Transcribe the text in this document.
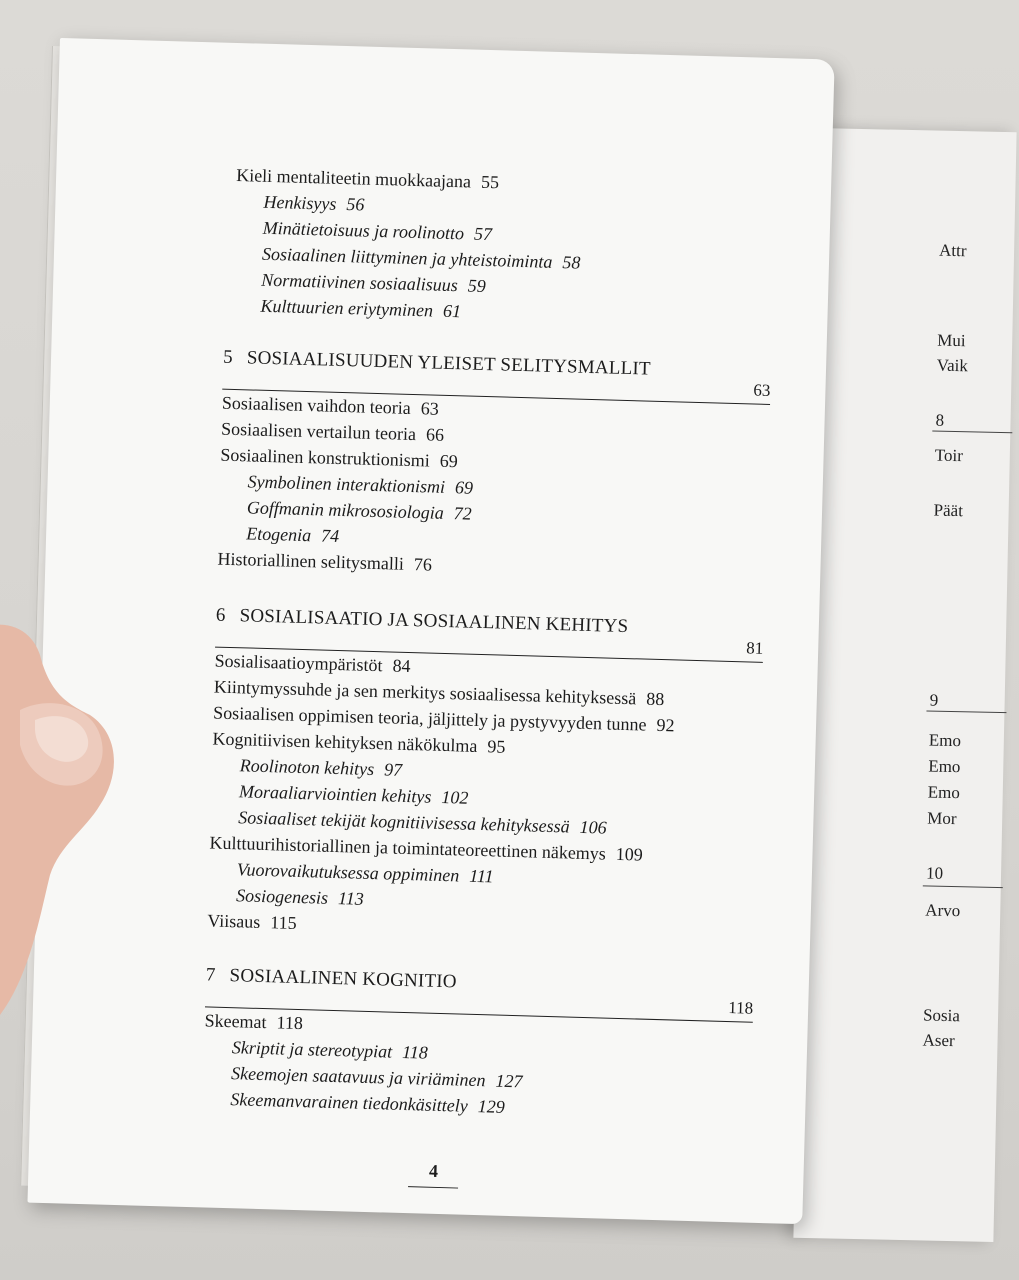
Attr
Mui
Vaik
8
Toir
Päät
9
Emo
Emo
Emo
Mor
10
Arvo
Sosia
Aser
Kieli mentaliteetin muokkaajana 55
Henkisyys 56
Minätietoisuus ja roolinotto 57
Sosiaalinen liittyminen ja yhteistoiminta 58
Normatiivinen sosiaalisuus 59
Kulttuurien eriytyminen 61
5 SOSIAALISUUDEN YLEISET SELITYSMALLIT
63
Sosiaalisen vaihdon teoria 63
Sosiaalisen vertailun teoria 66
Sosiaalinen konstruktionismi 69
Symbolinen interaktionismi 69
Goffmanin mikrososiologia 72
Etogenia 74
Historiallinen selitysmalli 76
6 SOSIALISAATIO JA SOSIAALINEN KEHITYS
81
Sosialisaatioympäristöt 84
Kiintymyssuhde ja sen merkitys sosiaalisessa kehityksessä 88
Sosiaalisen oppimisen teoria, jäljittely ja pystyvyyden tunne 92
Kognitiivisen kehityksen näkökulma 95
Roolinoton kehitys 97
Moraaliarviointien kehitys 102
Sosiaaliset tekijät kognitiivisessa kehityksessä 106
Kulttuurihistoriallinen ja toimintateoreettinen näkemys 109
Vuorovaikutuksessa oppiminen 111
Sosiogenesis 113
Viisaus 115
7 SOSIAALINEN KOGNITIO
118
Skeemat 118
Skriptit ja stereotypiat 118
Skeemojen saatavuus ja viriäminen 127
Skeemanvarainen tiedonkäsittely 129
4
